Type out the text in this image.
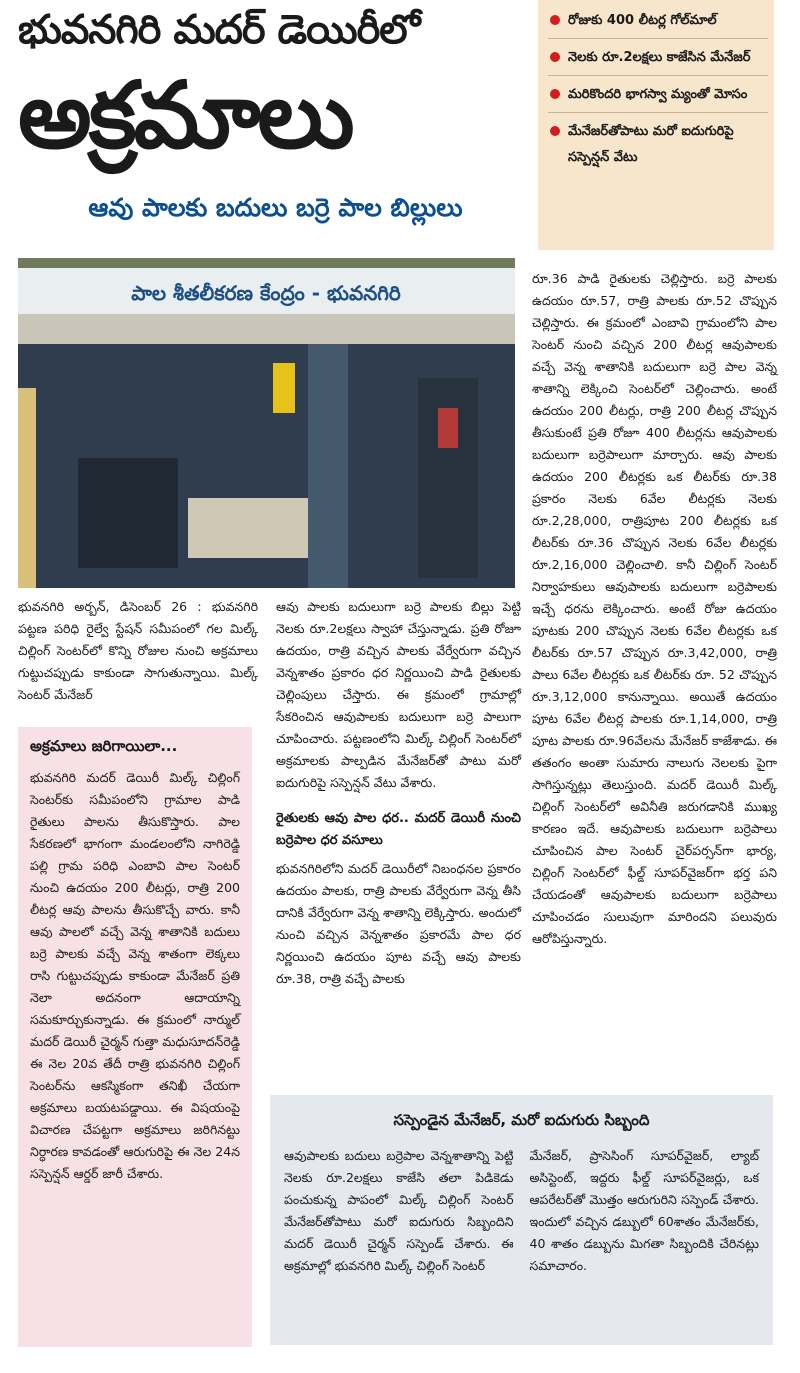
భువనగిరి మదర్ డెయిరీలో
అక్రమాలు
ఆవు పాలకు బదులు బర్రె పాల బిల్లులు
రోజుకు 400 లీటర్ల గోల్‌మాల్
నెలకు రూ.2లక్షలు కాజేసిన మేనేజర్
మరికొందరి భాగస్వా మ్యంతో మోసం
మేనేజర్‌తోపాటు మరో ఐదుగురిపై సస్పెన్షన్ వేటు
పాల శీతలీకరణ కేంద్రం - భువనగిరి
భువనగిరి అర్బన్, డిసెంబర్ 26 : భువనగిరి పట్టణ పరిధి రైల్వే స్టేషన్ సమీపంలో గల మిల్క్ చిల్లింగ్ సెంటర్‌లో కొన్ని రోజుల నుంచి అక్రమాలు గుట్టుచప్పుడు కాకుండా సాగుతున్నాయి. మిల్క్ సెంటర్ మేనేజర్
ఆవు పాలకు బదులుగా బర్రె పాలకు బిల్లు పెట్టి నెలకు రూ.2లక్షలు స్వాహా చేస్తున్నాడు. ప్రతి రోజూ ఉదయం, రాత్రి వచ్చిన పాలకు వేర్వేరుగా వచ్చిన వెన్నశాతం ప్రకారం ధర నిర్ణయించి పాడి రైతులకు చెల్లింపులు చేస్తారు. ఈ క్రమంలో గ్రామాల్లో సేకరించిన ఆవుపాలకు బదులుగా బర్రె పాలుగా చూపించారు. పట్టణంలోని మిల్క్ చిల్లింగ్ సెంటర్‌లో అక్రమాలకు పాల్పడిన మేనేజర్‌తో పాటు మరో ఐదుగురిపై సస్పెన్షన్ వేటు వేశారు.
రైతులకు ఆవు పాల ధర.. మదర్ డెయిరీ నుంచి బర్రెపాల ధర వసూలు
భువనగిరిలోని మదర్ డెయిరీలో నిబంధనల ప్రకారం ఉదయం పాలకు, రాత్రి పాలకు వేర్వేరుగా వెన్న తీసి దానికి వేర్వేరుగా వెన్న శాతాన్ని లెక్కిస్తారు. అందులో నుంచి వచ్చిన వెన్నశాతం ప్రకారమే పాల ధర నిర్ణయించి ఉదయం పూట వచ్చే ఆవు పాలకు రూ.38, రాత్రి వచ్చే పాలకు
రూ.36 పాడి రైతులకు చెల్లిస్తారు. బర్రె పాలకు ఉదయం రూ.57, రాత్రి పాలకు రూ.52 చొప్పున చెల్లిస్తారు. ఈ క్రమంలో ఎంబావి గ్రామంలోని పాల సెంటర్ నుంచి వచ్చిన 200 లీటర్ల ఆవుపాలకు వచ్చే వెన్న శాతానికి బదులుగా బర్రె పాల వెన్న శాతాన్ని లెక్కించి సెంటర్‌లో చెల్లించారు. అంటే ఉదయం 200 లీటర్లు, రాత్రి 200 లీటర్ల చొప్పున తీసుకుంటే ప్రతి రోజూ 400 లీటర్లను ఆవుపాలకు బదులుగా బర్రెపాలుగా మార్చారు. ఆవు పాలకు ఉదయం 200 లీటర్లకు ఒక లీటర్‌కు రూ.38 ప్రకారం నెలకు 6వేల లీటర్లకు నెలకు రూ.2,28,000, రాత్రిపూట 200 లీటర్లకు ఒక లీటర్‌కు రూ.36 చొప్పున నెలకు 6వేల లీటర్లకు రూ.2,16,000 చెల్లించాలి. కానీ చిల్లింగ్ సెంటర్ నిర్వాహకులు ఆవుపాలకు బదులుగా బర్రెపాలకు ఇచ్చే ధరను లెక్కించారు. అంటే రోజు ఉదయం పూటకు 200 చొప్పున నెలకు 6వేల లీటర్లకు ఒక లీటర్‌కు రూ.57 చొప్పున రూ.3,42,000, రాత్రి పాలు 6వేల లీటర్లకు ఒక లీటర్‌కు రూ. 52 చొప్పున రూ.3,12,000 కానున్నాయి. అయితే ఉదయం పూట 6వేల లీటర్ల పాలకు రూ.1,14,000, రాత్రి పూట పాలకు రూ.96వేలను మేనేజర్ కాజేశాడు. ఈ తతంగం అంతా సుమారు నాలుగు నెలలకు పైగా సాగిస్తున్నట్లు తెలుస్తుంది. మదర్ డెయిరీ మిల్క్ చిల్లింగ్ సెంటర్‌లో అవినీతి జరుగడానికి ముఖ్య కారణం ఇదే. ఆవుపాలకు బదులుగా బర్రెపాలు చూపించిన పాల సెంటర్ చైర్‌పర్సన్‌గా భార్య, చిల్లింగ్ సెంటర్‌లో ఫీల్డ్ సూపర్‌వైజర్‌గా భర్త పని చేయడంతో ఆవుపాలకు బదులుగా బర్రెపాలు చూపించడం సులువుగా మారిందని పలువురు ఆరోపిస్తున్నారు.
అక్రమాలు జరిగాయిలా...
భువనగిరి మదర్ డెయిరీ మిల్క్ చిల్లింగ్ సెంటర్‌కు సమీపంలోని గ్రామాల పాడి రైతులు పాలను తీసుకొస్తారు. పాల సేకరణలో భాగంగా మండలంలోని నాగిరెడ్డి పల్లి గ్రామ పరిధి ఎంబావి పాల సెంటర్ నుంచి ఉదయం 200 లీటర్లు, రాత్రి 200 లీటర్ల ఆవు పాలను తీసుకొచ్చే వారు. కానీ ఆవు పాలలో వచ్చే వెన్న శాతానికి బదులు బర్రె పాలకు వచ్చే వెన్న శాతంగా లెక్కలు రాసి గుట్టుచప్పుడు కాకుండా మేనేజర్ ప్రతి నెలా అదనంగా ఆదాయాన్ని సమకూర్చుకున్నాడు. ఈ క్రమంలో నార్ముల్ మదర్ డెయిరీ చైర్మన్ గుత్తా మధుసూదన్‌రెడ్డి ఈ నెల 20వ తేదీ రాత్రి భువనగిరి చిల్లింగ్ సెంటర్‌ను ఆకస్మికంగా తనిఖీ చేయగా అక్రమాలు బయటపడ్డాయి. ఈ విషయంపై విచారణ చేపట్టగా అక్రమాలు జరిగినట్టు నిర్ధారణ కావడంతో ఆరుగురిపై ఈ నెల 24న సస్పెన్షన్ ఆర్డర్ జారీ చేశారు.
సస్పెండైన మేనేజర్, మరో ఐదుగురు సిబ్బంది
ఆవుపాలకు బదులు బర్రెపాల వెన్నశాతాన్ని పెట్టి నెలకు రూ.2లక్షలు కాజేసి తలా పిడికెడు పంచుకున్న పాపంలో మిల్క్ చిల్లింగ్ సెంటర్ మేనేజర్‌తోపాటు మరో ఐదుగురు సిబ్బందిని మదర్ డెయిరీ చైర్మన్ సస్పెండ్ చేశారు. ఈ అక్రమాల్లో భువనగిరి మిల్క్ చిల్లింగ్ సెంటర్
మేనేజర్, ప్రాసెసింగ్ సూపర్‌వైజర్, ల్యాబ్ అసిస్టెంట్, ఇద్దరు ఫీల్డ్ సూపర్‌వైజర్లు, ఒక ఆపరేటర్‌తో మొత్తం ఆరుగురిని సస్పెండ్ చేశారు. ఇందులో వచ్చిన డబ్బులో 60శాతం మేనేజర్‌కు, 40 శాతం డబ్బును మిగతా సిబ్బందికి చేరినట్లు సమాచారం.
